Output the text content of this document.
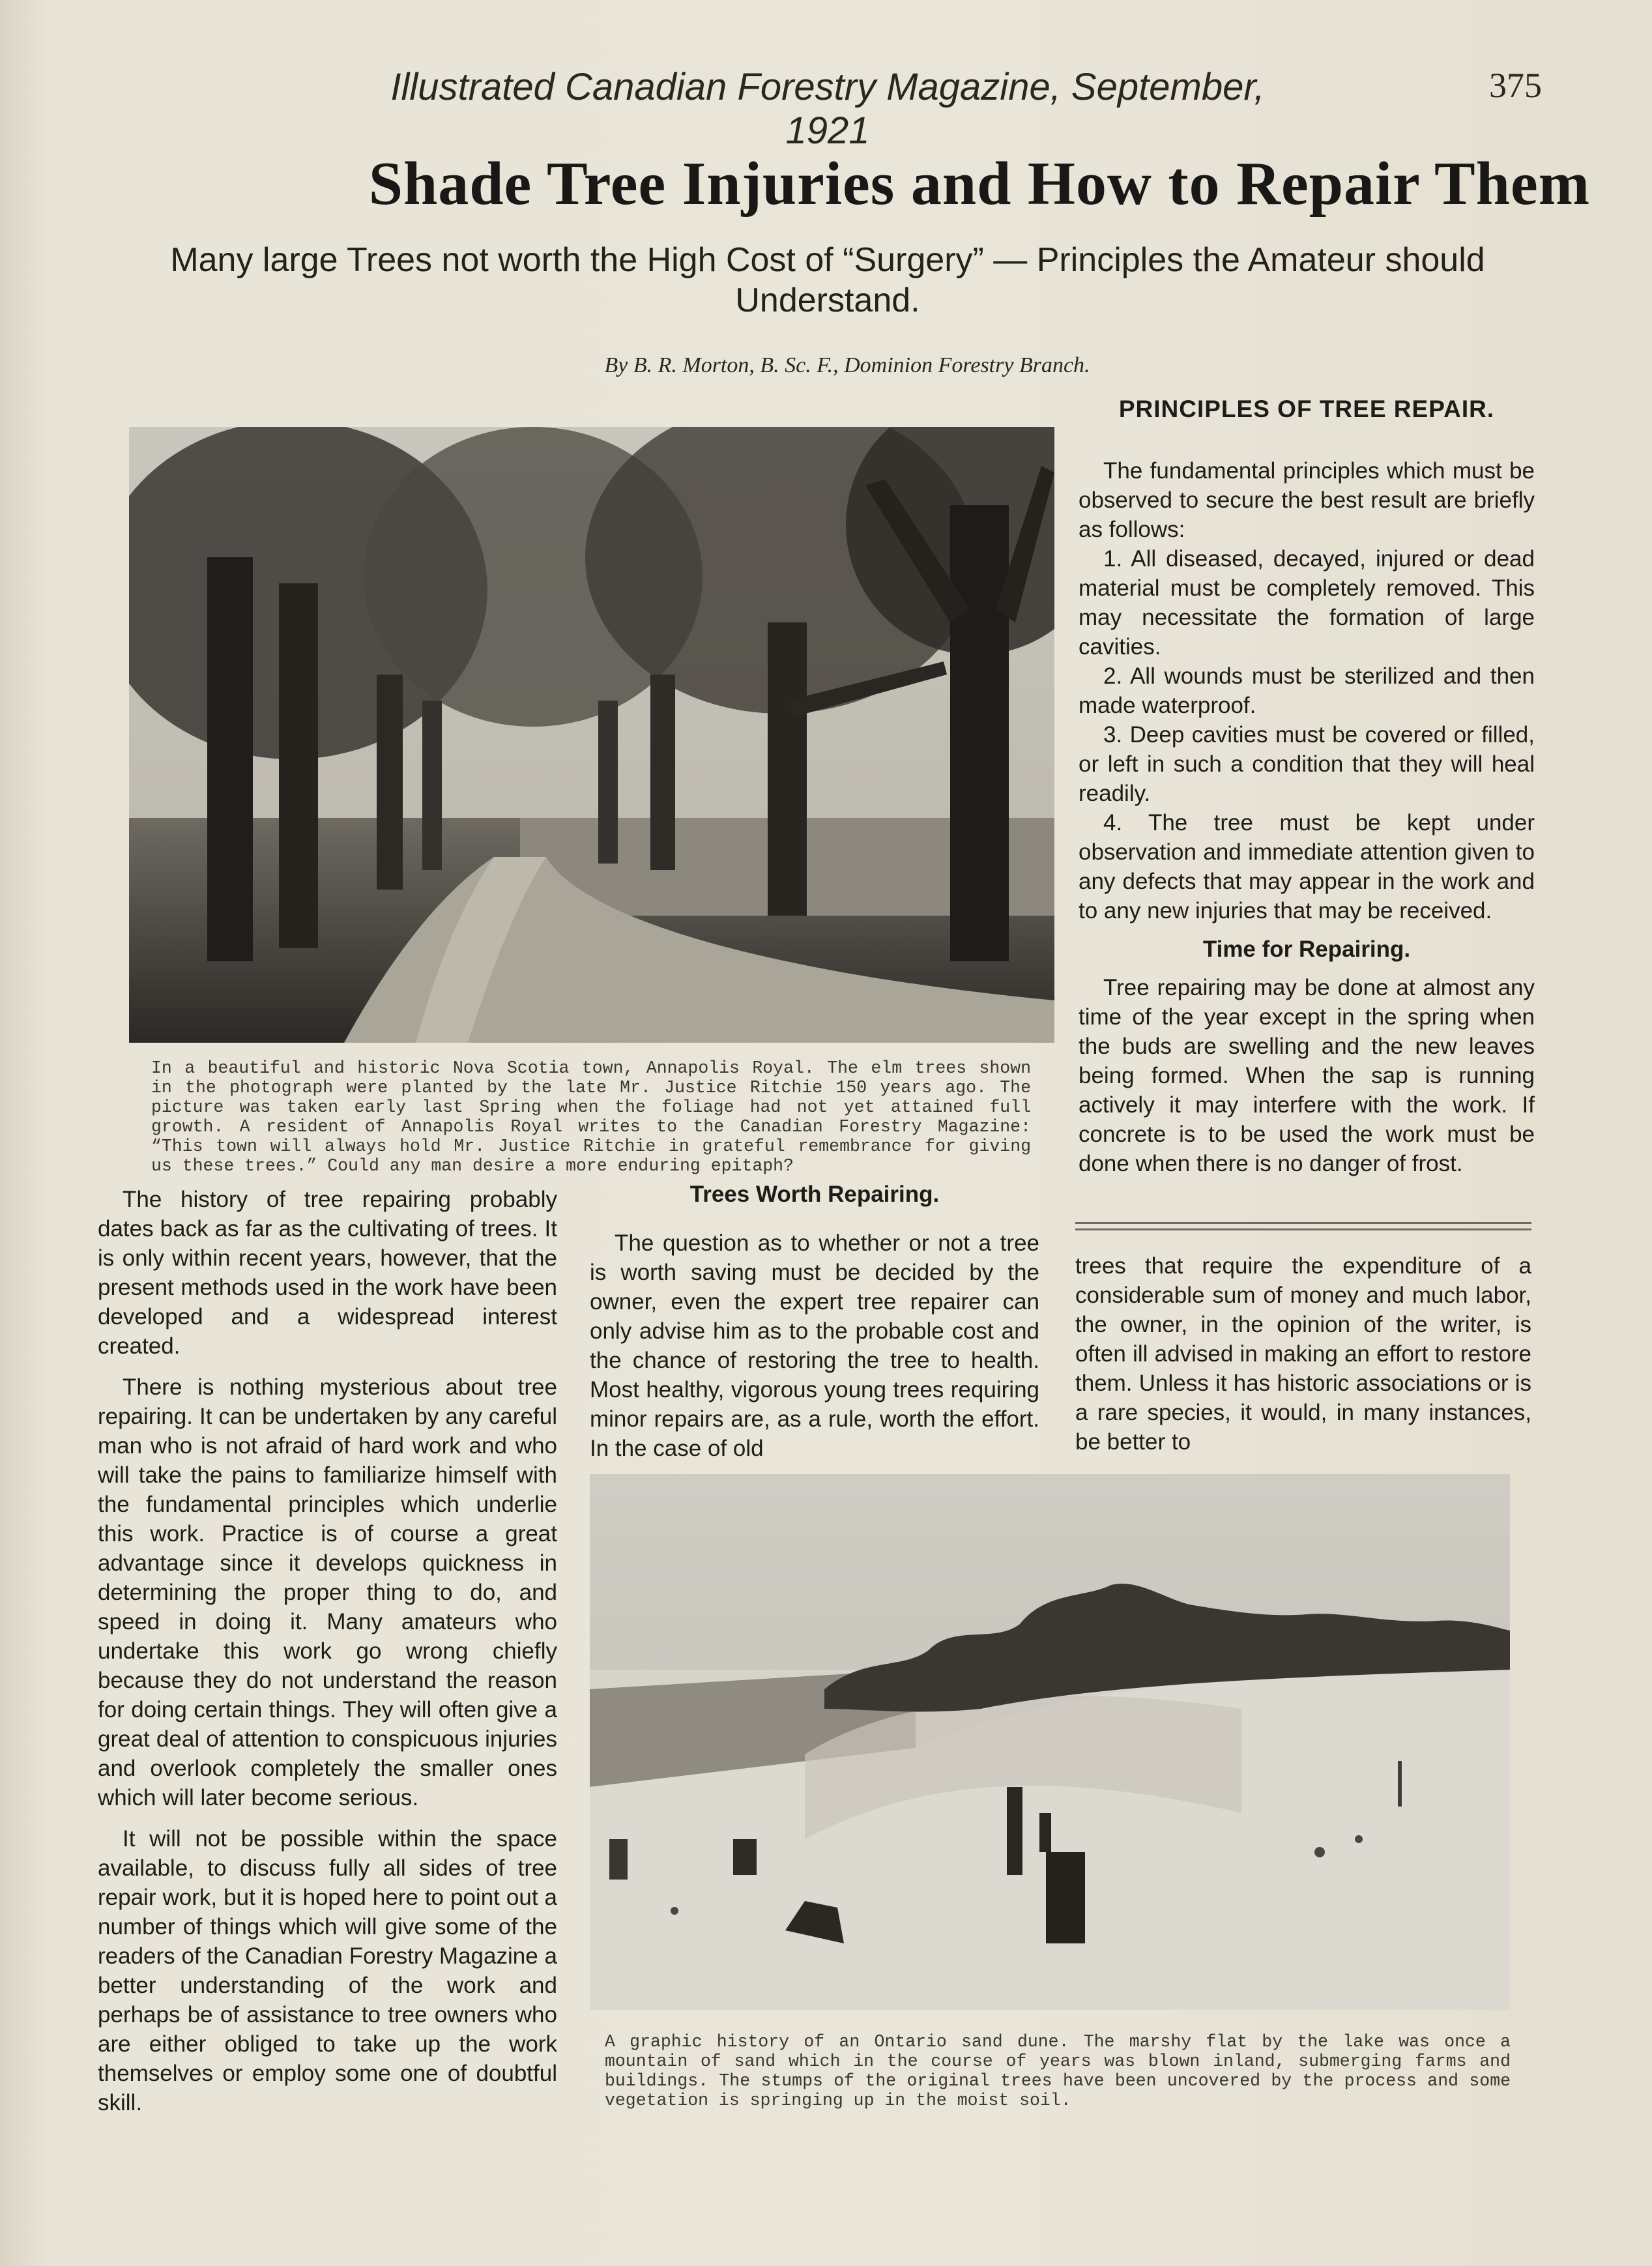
Illustrated Canadian Forestry Magazine, September, 1921
375
Shade Tree Injuries and How to Repair Them
Many large Trees not worth the High Cost of “Surgery” — Principles the Amateur should Understand.
By B. R. Morton, B. Sc. F., Dominion Forestry Branch.
In a beautiful and historic Nova Scotia town, Annapolis Royal. The elm trees shown in the photograph were planted by the late Mr. Justice Ritchie 150 years ago. The picture was taken early last Spring when the foliage had not yet attained full growth. A resident of Annapolis Royal writes to the Canadian Forestry Magazine: “This town will always hold Mr. Justice Ritchie in grateful remembrance for giving us these trees.” Could any man desire a more enduring epitaph?

PRINCIPLES OF TREE REPAIR.

The fundamental principles which must be observed to secure the best result are briefly as follows:

1. All diseased, decayed, injured or dead material must be completely removed. This may necessitate the formation of large cavities.

2. All wounds must be sterilized and then made waterproof.

3. Deep cavities must be covered or filled, or left in such a condition that they will heal readily.

4. The tree must be kept under observation and immediate attention given to any defects that may appear in the work and to any new injuries that may be received.

Time for Repairing.

Tree repairing may be done at almost any time of the year except in the spring when the buds are swelling and the new leaves being formed. When the sap is running actively it may interfere with the work. If concrete is to be used the work must be done when there is no danger of frost.

The history of tree repairing probably dates back as far as the cultivating of trees. It is only within recent years, however, that the present methods used in the work have been developed and a widespread interest created.

There is nothing mysterious about tree repairing. It can be undertaken by any careful man who is not afraid of hard work and who will take the pains to familiarize himself with the fundamental principles which underlie this work. Practice is of course a great advantage since it develops quickness in determining the proper thing to do, and speed in doing it. Many amateurs who undertake this work go wrong chiefly because they do not understand the reason for doing certain things. They will often give a great deal of attention to conspicuous injuries and overlook completely the smaller ones which will later become serious.

It will not be possible within the space available, to discuss fully all sides of tree repair work, but it is hoped here to point out a number of things which will give some of the readers of the Canadian Forestry Magazine a better understanding of the work and perhaps be of assistance to tree owners who are either obliged to take up the work themselves or employ some one of doubtful skill.

Trees Worth Repairing.

The question as to whether or not a tree is worth saving must be decided by the owner, even the expert tree repairer can only advise him as to the probable cost and the chance of restoring the tree to health. Most healthy, vigorous young trees requiring minor repairs are, as a rule, worth the effort. In the case of old

trees that require the expenditure of a considerable sum of money and much labor, the owner, in the opinion of the writer, is often ill advised in making an effort to restore them. Unless it has historic associations or is a rare species, it would, in many instances, be better to

A graphic history of an Ontario sand dune. The marshy flat by the lake was once a mountain of sand which in the course of years was blown inland, submerging farms and buildings. The stumps of the original trees have been uncovered by the process and some vegetation is springing up in the moist soil.
